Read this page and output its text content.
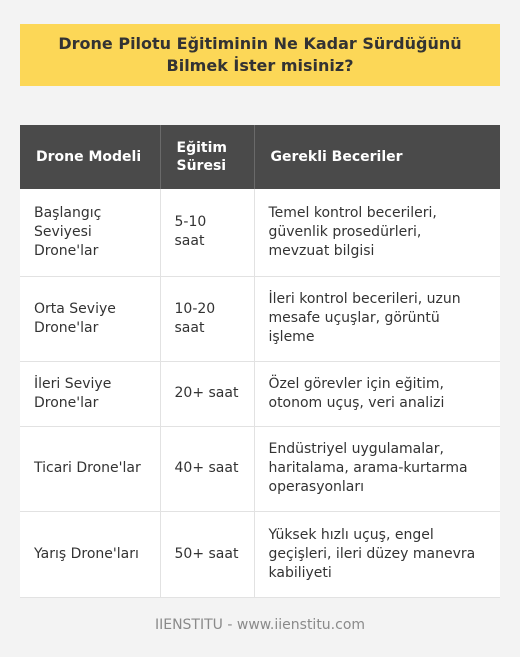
Drone Pilotu Eğitiminin Ne Kadar Sürdüğünü Bilmek İster misiniz?
Drone Modeli	Eğitim Süresi	Gerekli Beceriler
Başlangıç Seviyesi Drone'lar	5-10 saat	Temel kontrol becerileri, güvenlik prosedürleri, mevzuat bilgisi
Orta Seviye Drone'lar	10-20 saat	İleri kontrol becerileri, uzun mesafe uçuşlar, görüntü işleme
İleri Seviye Drone'lar	20+ saat	Özel görevler için eğitim, otonom uçuş, veri analizi
Ticari Drone'lar	40+ saat	Endüstriyel uygulamalar, haritalama, arama-kurtarma operasyonları
Yarış Drone'ları	50+ saat	Yüksek hızlı uçuş, engel geçişleri, ileri düzey manevra kabiliyeti
IIENSTITU - www.iienstitu.com
